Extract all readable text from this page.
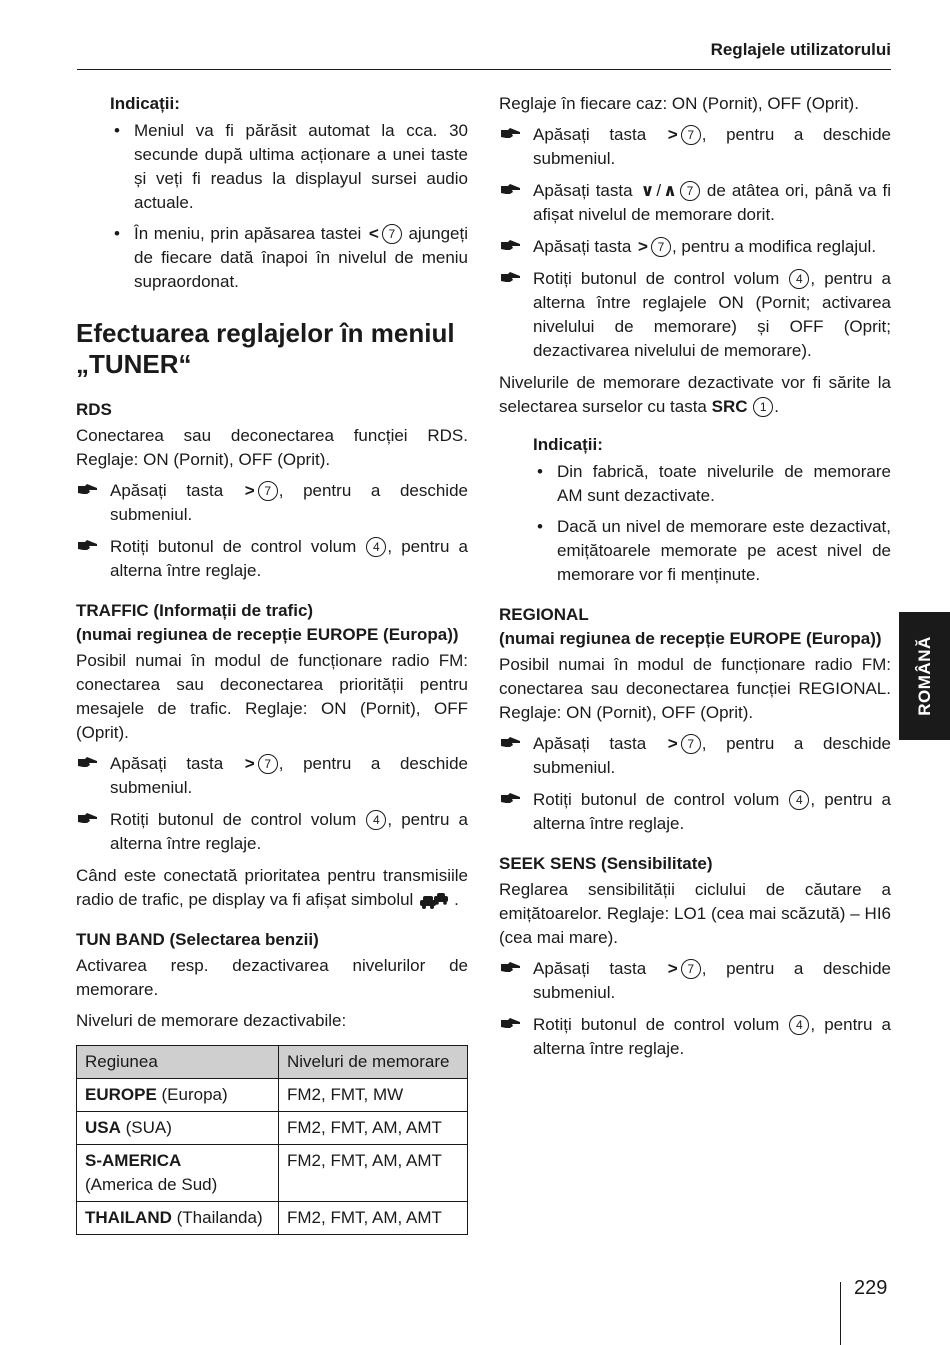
Reglajele utilizatorului
Indicații:
• Meniul va fi părăsit automat la cca. 30 secunde după ultima acționare a unei taste și veți fi readus la displayul sursei audio actuale.
• În meniu, prin apăsarea tastei < 7 ajungeți de fiecare dată înapoi în nivelul de meniu supraordonat.
Efectuarea reglajelor în meniul
„TUNER“
RDS

Conectarea sau deconectarea funcției RDS. Reglaje: ON (Pornit), OFF (Oprit).

Apăsați tasta > 7 , pentru a deschide submeniul.
Rotiți butonul de control volum 4 , pentru a alterna între reglaje.
TRAFFIC (Informații de trafic)
(numai regiunea de recepție EUROPE (Europa))

Posibil numai în modul de funcționare radio FM: conectarea sau deconectarea priorității pentru mesajele de trafic. Reglaje: ON (Pornit), OFF (Oprit).

Apăsați tasta > 7 , pentru a deschide submeniul.
Rotiți butonul de control volum 4 , pentru a alterna între reglaje.

Când este conectată prioritatea pentru transmisiile radio de trafic, pe display va fi afișat simbolul .

TUN BAND (Selectarea benzii)

Activarea resp. dezactivarea nivelurilor de memorare.

Niveluri de memorare dezactivabile:

Regiunea	Niveluri de memorare
EUROPE (Europa)	FM2, FMT, MW
USA (SUA)	FM2, FMT, AM, AMT

S-AMERICA
(America de Sud)	FM2, FMT, AM, AMT
THAILAND (Thailanda)	FM2, FMT, AM, AMT

Reglaje în fiecare caz: ON (Pornit), OFF (Oprit).

Apăsați tasta > 7 , pentru a deschide submeniul.
Apăsați tasta ∨ / ∧ 7 de atâtea ori, până va fi afișat nivelul de memorare dorit.
Apăsați tasta > 7 , pentru a modifica reglajul.
Rotiți butonul de control volum 4 , pentru a alterna între reglajele ON (Pornit; activarea nivelului de memorare) și OFF (Oprit; dezactivarea nivelului de memorare).

Nivelurile de memorare dezactivate vor fi sărite la selectarea surselor cu tasta SRC 1 .

Indicații:
• Din fabrică, toate nivelurile de memorare AM sunt dezactivate.
• Dacă un nivel de memorare este dezactivat, emițătoarele memorate pe acest nivel de memorare vor fi menținute.
REGIONAL
(numai regiunea de recepție EUROPE (Europa))

Posibil numai în modul de funcționare radio FM: conectarea sau deconectarea funcției REGIONAL. Reglaje: ON (Pornit), OFF (Oprit).

Apăsați tasta > 7 , pentru a deschide submeniul.
Rotiți butonul de control volum 4 , pentru a alterna între reglaje.
SEEK SENS (Sensibilitate)

Reglarea sensibilității ciclului de căutare a emițătoarelor. Reglaje: LO1 (cea mai scăzută) – HI6 (cea mai mare).

Apăsați tasta > 7 , pentru a deschide submeniul.
Rotiți butonul de control volum 4 , pentru a alterna între reglaje.
ROMÂNĂ
229
